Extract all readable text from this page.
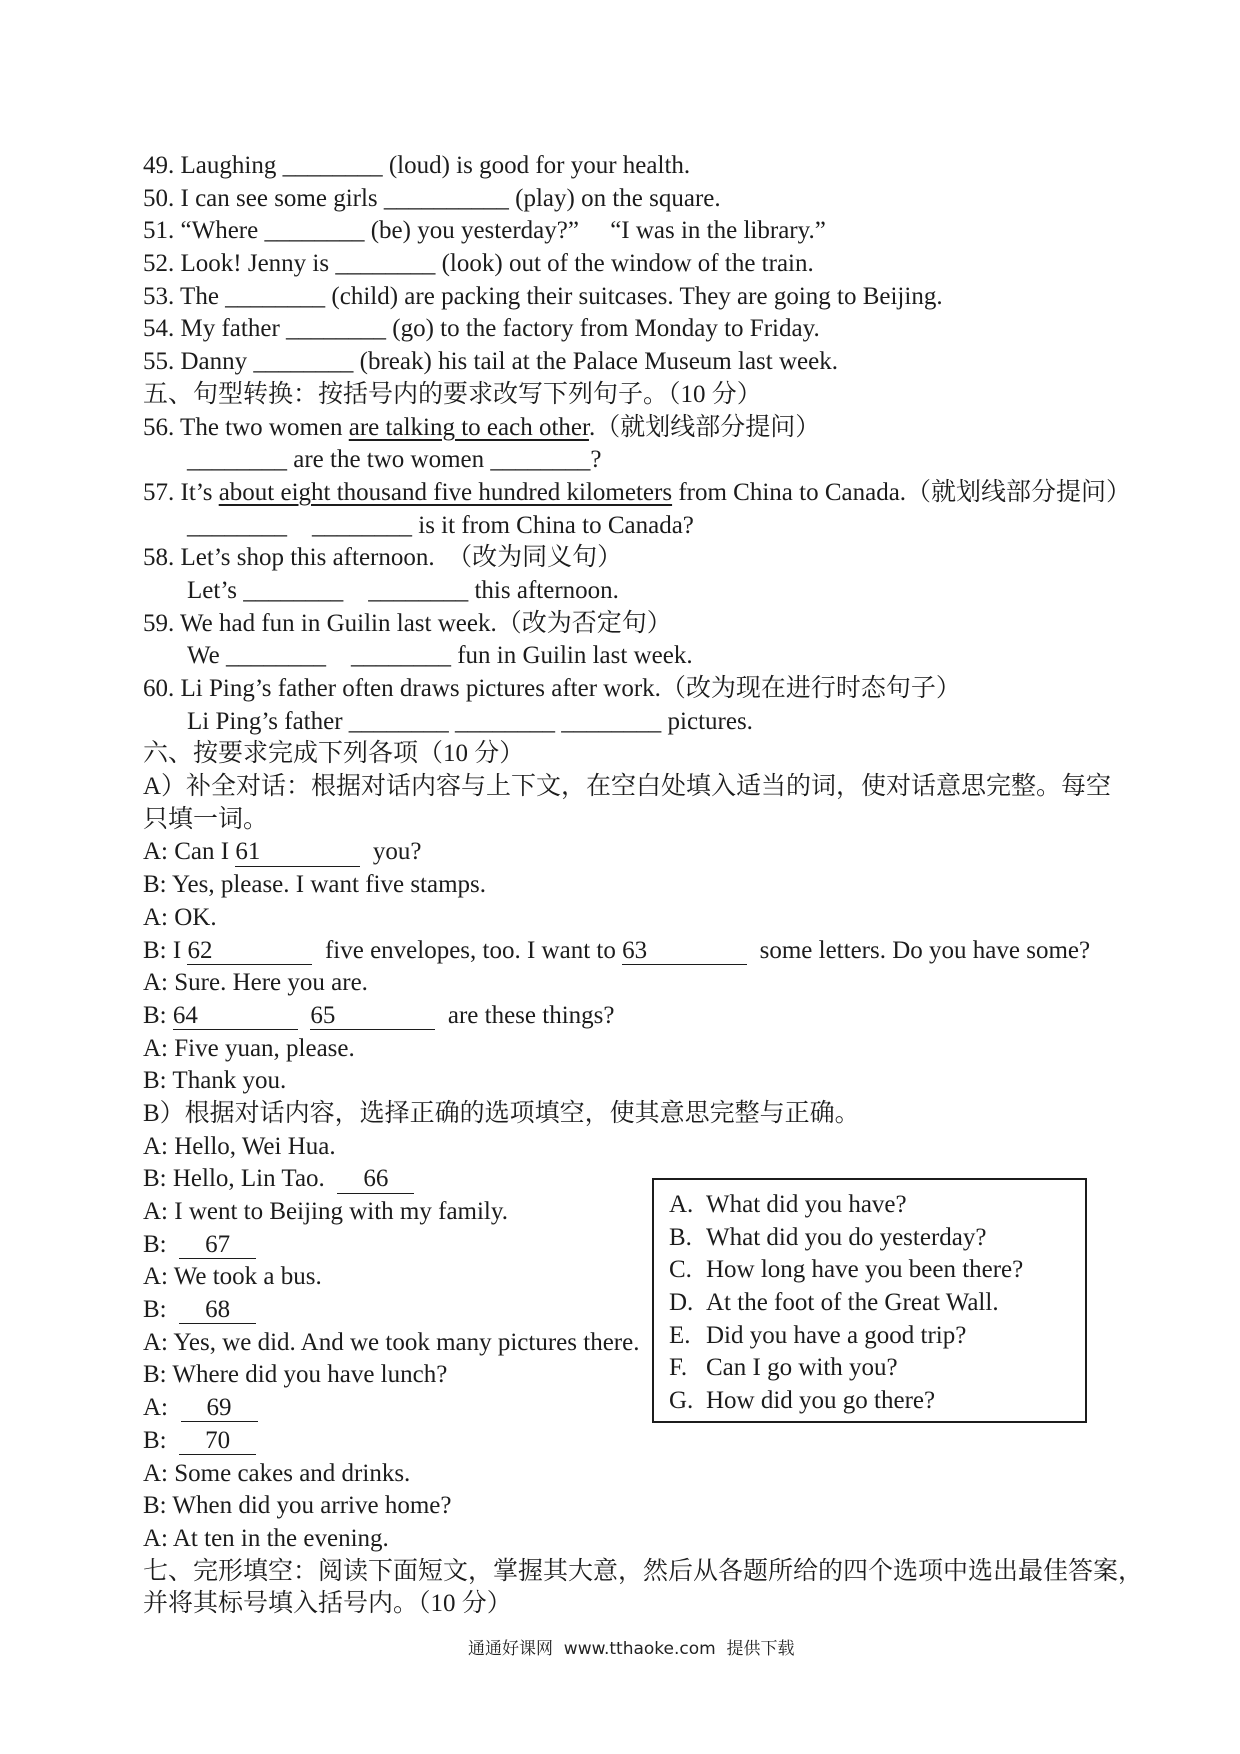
49. Laughing ________ (loud) is good for your health.
50. I can see some girls __________ (play) on the square.
51. “Where ________ (be) you yesterday?”     “I was in the library.”
52. Look! Jenny is ________ (look) out of the window of the train.
53. The ________ (child) are packing their suitcases. They are going to Beijing.
54. My father ________ (go) to the factory from Monday to Friday.
55. Danny ________ (break) his tail at the Palace Museum last week.
五、句型转换：按括号内的要求改写下列句子。（10 分）
56. The two women are talking to each other.（就划线部分提问）
________ are the two women ________?
57. It’s about eight thousand five hundred kilometers from China to Canada.（就划线部分提问）
________    ________ is it from China to Canada?
58. Let’s shop this afternoon.  （改为同义句）
Let’s ________    ________ this afternoon.
59. We had fun in Guilin last week.（改为否定句）
We ________    ________ fun in Guilin last week.
60. Li Ping’s father often draws pictures after work.（改为现在进行时态句子）
Li Ping’s father ________ ________ ________ pictures.
六、按要求完成下列各项（10 分）
A）补全对话：根据对话内容与上下文，在空白处填入适当的词，使对话意思完整。每空
只填一词。
A: Can I 61	you?
B: Yes, please. I want five stamps.
A: OK.
B: I 62	five envelopes, too. I want to 63	some letters. Do you have some?
A: Sure. Here you are.
B: 64	65	are these things?
A: Five yuan, please.
B: Thank you.
B）根据对话内容，选择正确的选项填空，使其意思完整与正确。
A: Hello, Wei Hua.
B: Hello, Lin Tao.  66
A: I went to Beijing with my family.
B:  67
A: We took a bus.
B:  68
A: Yes, we did. And we took many pictures there.
B: Where did you have lunch?
A:  69
B:  70
A: Some cakes and drinks.
B: When did you arrive home?
A: At ten in the evening.
七、完形填空：阅读下面短文，掌握其大意，然后从各题所给的四个选项中选出最佳答案，
并将其标号填入括号内。（10 分）
A. What did you have?
B. What did you do yesterday?
C. How long have you been there?
D. At the foot of the Great Wall.
E. Did you have a good trip?
F. Can I go with you?
G. How did you go there?
通通好课网  www.tthaoke.com  提供下载
